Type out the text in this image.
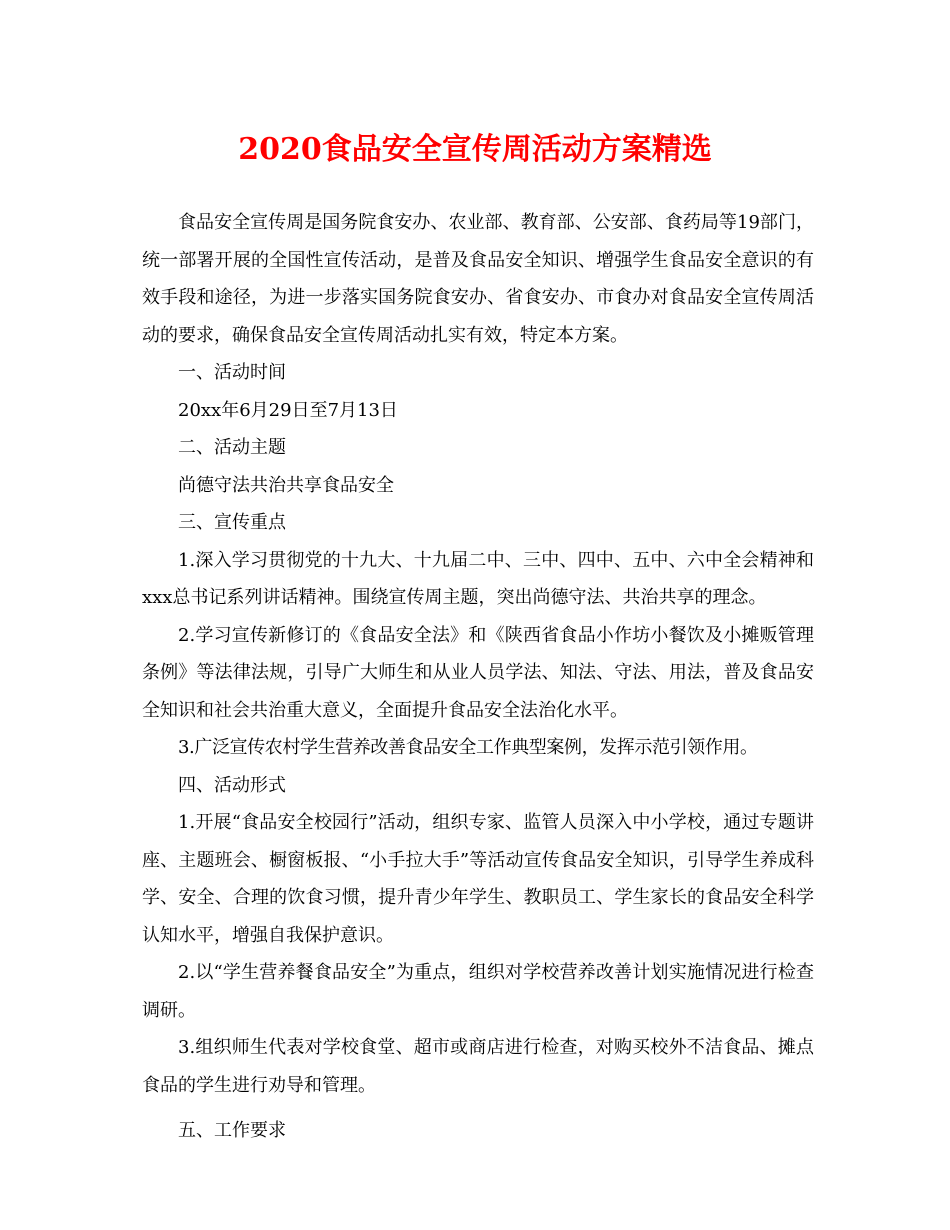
2020食品安全宣传周活动方案精选

食品安全宣传周是国务院食安办、农业部、教育部、公安部、食药局等19部门，统一部署开展的全国性宣传活动，是普及食品安全知识、增强学生食品安全意识的有效手段和途径，为进一步落实国务院食安办、省食安办、市食办对食品安全宣传周活动的要求，确保食品安全宣传周活动扎实有效，特定本方案。

一、活动时间

20xx年6月29日至7月13日

二、活动主题

尚德守法共治共享食品安全

三、宣传重点

1.深入学习贯彻党的十九大、十九届二中、三中、四中、五中、六中全会精神和xxx总书记系列讲话精神。围绕宣传周主题，突出尚德守法、共治共享的理念。

2.学习宣传新修订的《食品安全法》和《陕西省食品小作坊小餐饮及小摊贩管理条例》等法律法规，引导广大师生和从业人员学法、知法、守法、用法，普及食品安全知识和社会共治重大意义，全面提升食品安全法治化水平。

3.广泛宣传农村学生营养改善食品安全工作典型案例，发挥示范引领作用。

四、活动形式

1.开展“食品安全校园行”活动，组织专家、监管人员深入中小学校，通过专题讲座、主题班会、橱窗板报、“小手拉大手”等活动宣传食品安全知识，引导学生养成科学、安全、合理的饮食习惯，提升青少年学生、教职员工、学生家长的食品安全科学认知水平，增强自我保护意识。

2.以“学生营养餐食品安全”为重点，组织对学校营养改善计划实施情况进行检查调研。

3.组织师生代表对学校食堂、超市或商店进行检查，对购买校外不洁食品、摊点食品的学生进行劝导和管理。

五、工作要求
